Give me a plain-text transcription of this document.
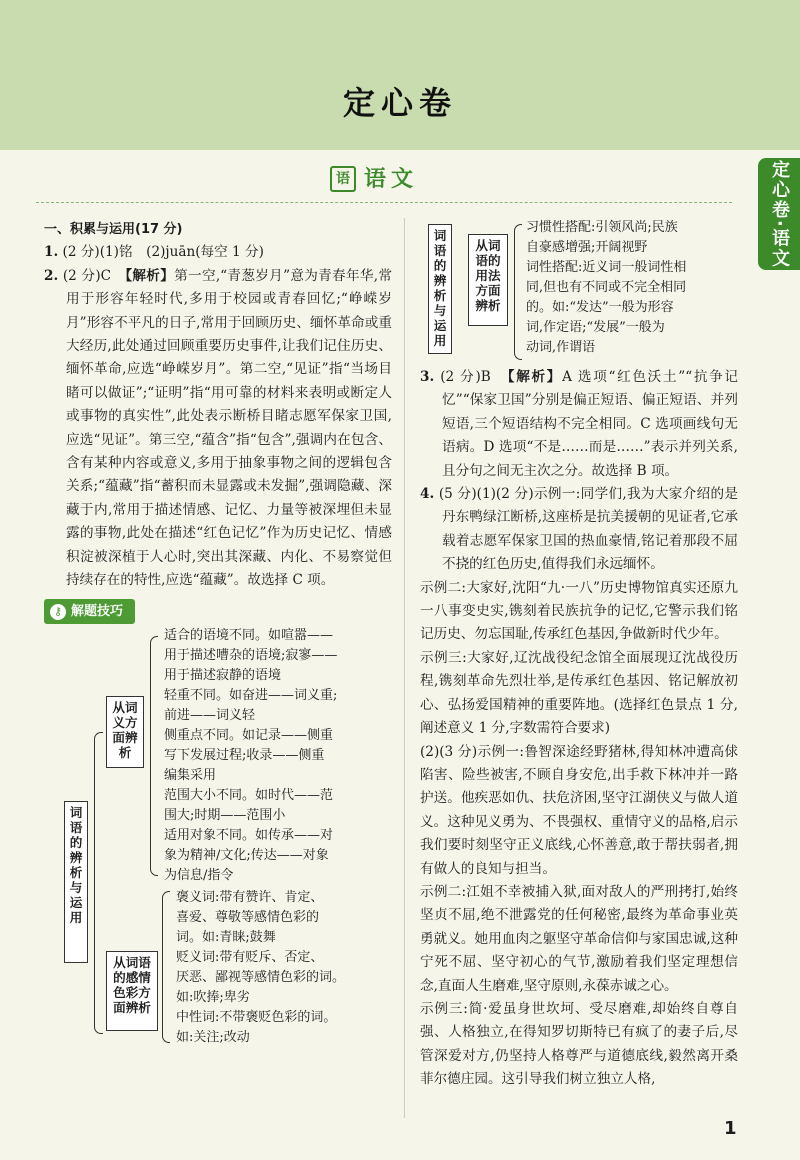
定心卷
语 语文

一、积累与运用(17 分)

1. (2 分)(1)铭　(2)juān(每空 1 分)

2. (2 分)C　【解析】第一空,“青葱岁月”意为青春年华,常用于形容年轻时代,多用于校园或青春回忆;“峥嵘岁月”形容不平凡的日子,常用于回顾历史、缅怀革命或重大经历,此处通过回顾重要历史事件,让我们记住历史、缅怀革命,应选“峥嵘岁月”。第二空,“见证”指“当场目睹可以做证”;“证明”指“用可靠的材料来表明或断定人或事物的真实性”,此处表示断桥目睹志愿军保家卫国,应选“见证”。第三空,“蕴含”指“包含”,强调内在包含、含有某种内容或意义,多用于抽象事物之间的逻辑包含关系;“蕴藏”指“蓄积而未显露或未发掘”,强调隐藏、深藏于内,常用于描述情感、记忆、力量等被深埋但未显露的事物,此处在描述“红色记忆”作为历史记忆、情感积淀被深植于人心时,突出其深藏、内化、不易察觉但持续存在的特性,应选“蕴藏”。故选择 C 项。

⚷ 解题技巧
词语的辨析与运用
从词义方面辨析
从词语的感情色彩方面辨析
适合的语境不同。如喧嚣——
用于描述嘈杂的语境;寂寥——
用于描述寂静的语境
轻重不同。如奋进——词义重;
前进——词义轻
侧重点不同。如记录——侧重
写下发展过程;收录——侧重
编集采用
范围大小不同。如时代——范
围大;时期——范围小
适用对象不同。如传承——对
象为精神/文化;传达——对象
为信息/指令
褒义词:带有赞许、肯定、
喜爱、尊敬等感情色彩的
词。如:青睐;鼓舞
贬义词:带有贬斥、否定、
厌恶、鄙视等感情色彩的词。
如:吹捧;卑劣
中性词:不带褒贬色彩的词。
如:关注;改动
词语的辨析与运用
从词语的用法方面辨析
习惯性搭配:引领风尚;民族
自豪感增强;开阔视野
词性搭配:近义词一般词性相
同,但也有不同或不完全相同
的。如:“发达”一般为形容
词,作定语;“发展”一般为
动词,作谓语

3. (2 分)B　【解析】A 选项“红色沃土”“抗争记忆”“保家卫国”分别是偏正短语、偏正短语、并列短语,三个短语结构不完全相同。C 选项画线句无语病。D 选项“不是……而是……”表示并列关系,且分句之间无主次之分。故选择 B 项。

4. (5 分)(1)(2 分)示例一:同学们,我为大家介绍的是丹东鸭绿江断桥,这座桥是抗美援朝的见证者,它承载着志愿军保家卫国的热血豪情,铭记着那段不屈不挠的红色历史,值得我们永远缅怀。

示例二:大家好,沈阳“九·一八”历史博物馆真实还原九一八事变史实,镌刻着民族抗争的记忆,它警示我们铭记历史、勿忘国耻,传承红色基因,争做新时代少年。

示例三:大家好,辽沈战役纪念馆全面展现辽沈战役历程,镌刻革命先烈壮举,是传承红色基因、铭记解放初心、弘扬爱国精神的重要阵地。(选择红色景点 1 分,阐述意义 1 分,字数需符合要求)

(2)(3 分)示例一:鲁智深途经野猪林,得知林冲遭高俅陷害、险些被害,不顾自身安危,出手救下林冲并一路护送。他疾恶如仇、扶危济困,坚守江湖侠义与做人道义。这种见义勇为、不畏强权、重情守义的品格,启示我们要时刻坚守正义底线,心怀善意,敢于帮扶弱者,拥有做人的良知与担当。

示例二:江姐不幸被捕入狱,面对敌人的严刑拷打,始终坚贞不屈,绝不泄露党的任何秘密,最终为革命事业英勇就义。她用血肉之躯坚守革命信仰与家国忠诚,这种宁死不屈、坚守初心的气节,激励着我们坚定理想信念,直面人生磨难,坚守原则,永葆赤诚之心。

示例三:简·爱虽身世坎坷、受尽磨难,却始终自尊自强、人格独立,在得知罗切斯特已有疯了的妻子后,尽管深爱对方,仍坚持人格尊严与道德底线,毅然离开桑菲尔德庄园。这引导我们树立独立人格,

定心卷·语文
1
